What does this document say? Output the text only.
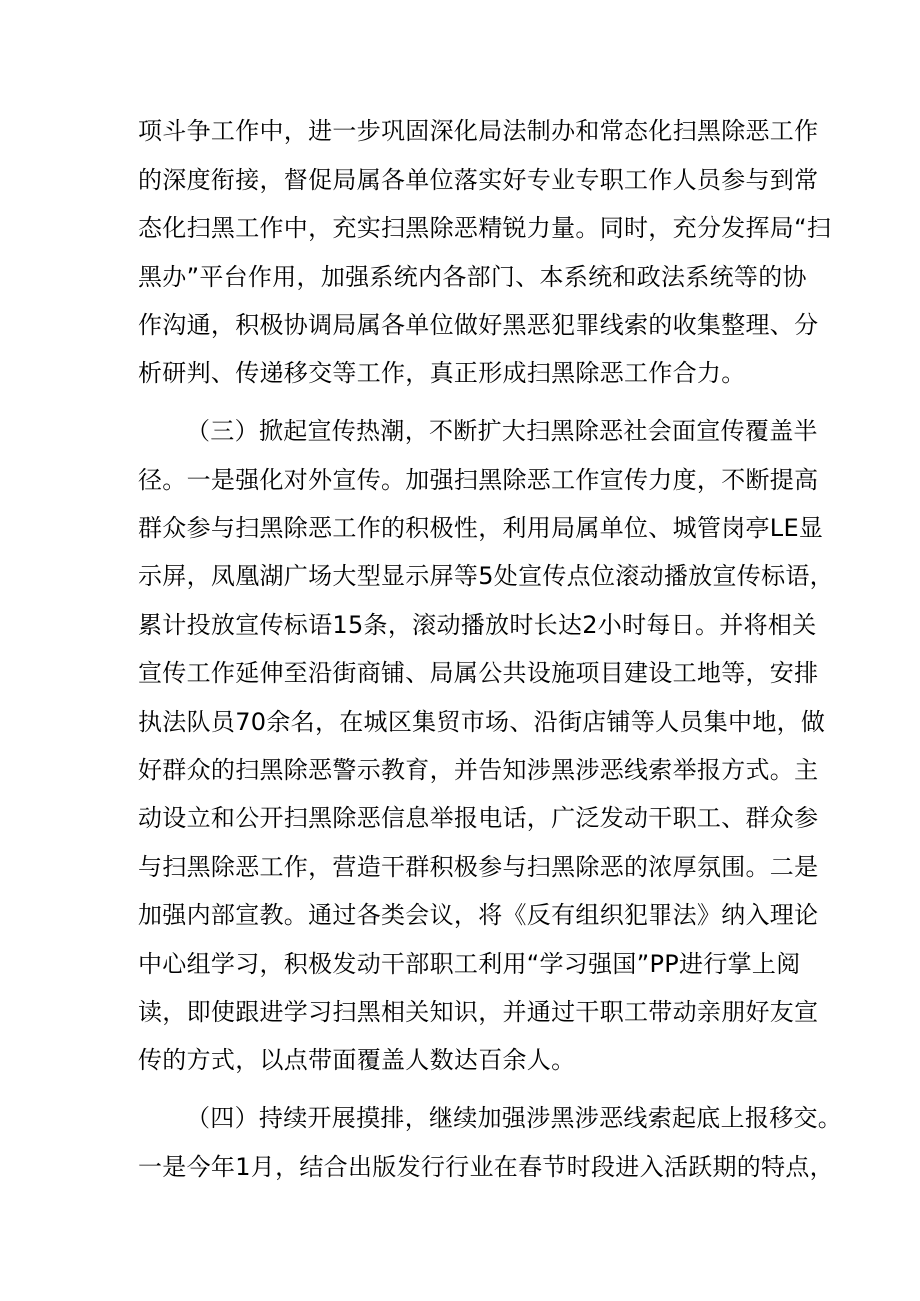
项斗争工作中，进一步巩固深化局法制办和常态化扫黑除恶工作
的深度衔接，督促局属各单位落实好专业专职工作人员参与到常
态化扫黑工作中，充实扫黑除恶精锐力量。同时，充分发挥局“扫
黑办”平台作用，加强系统内各部门、本系统和政法系统等的协
作沟通，积极协调局属各单位做好黑恶犯罪线索的收集整理、分
析研判、传递移交等工作，真正形成扫黑除恶工作合力。
（三）掀起宣传热潮，不断扩大扫黑除恶社会面宣传覆盖半
径。一是强化对外宣传。加强扫黑除恶工作宣传力度，不断提高
群众参与扫黑除恶工作的积极性，利用局属单位、城管岗亭LE显
示屏，凤凰湖广场大型显示屏等5处宣传点位滚动播放宣传标语，
累计投放宣传标语15条，滚动播放时长达2小时每日。并将相关
宣传工作延伸至沿街商铺、局属公共设施项目建设工地等，安排
执法队员70余名，在城区集贸市场、沿街店铺等人员集中地，做
好群众的扫黑除恶警示教育，并告知涉黑涉恶线索举报方式。主
动设立和公开扫黑除恶信息举报电话，广泛发动干职工、群众参
与扫黑除恶工作，营造干群积极参与扫黑除恶的浓厚氛围。二是
加强内部宣教。通过各类会议，将《反有组织犯罪法》纳入理论
中心组学习，积极发动干部职工利用“学习强国”PP进行掌上阅
读，即使跟进学习扫黑相关知识，并通过干职工带动亲朋好友宣
传的方式，以点带面覆盖人数达百余人。
（四）持续开展摸排，继续加强涉黑涉恶线索起底上报移交。
一是今年1月，结合出版发行行业在春节时段进入活跃期的特点，
